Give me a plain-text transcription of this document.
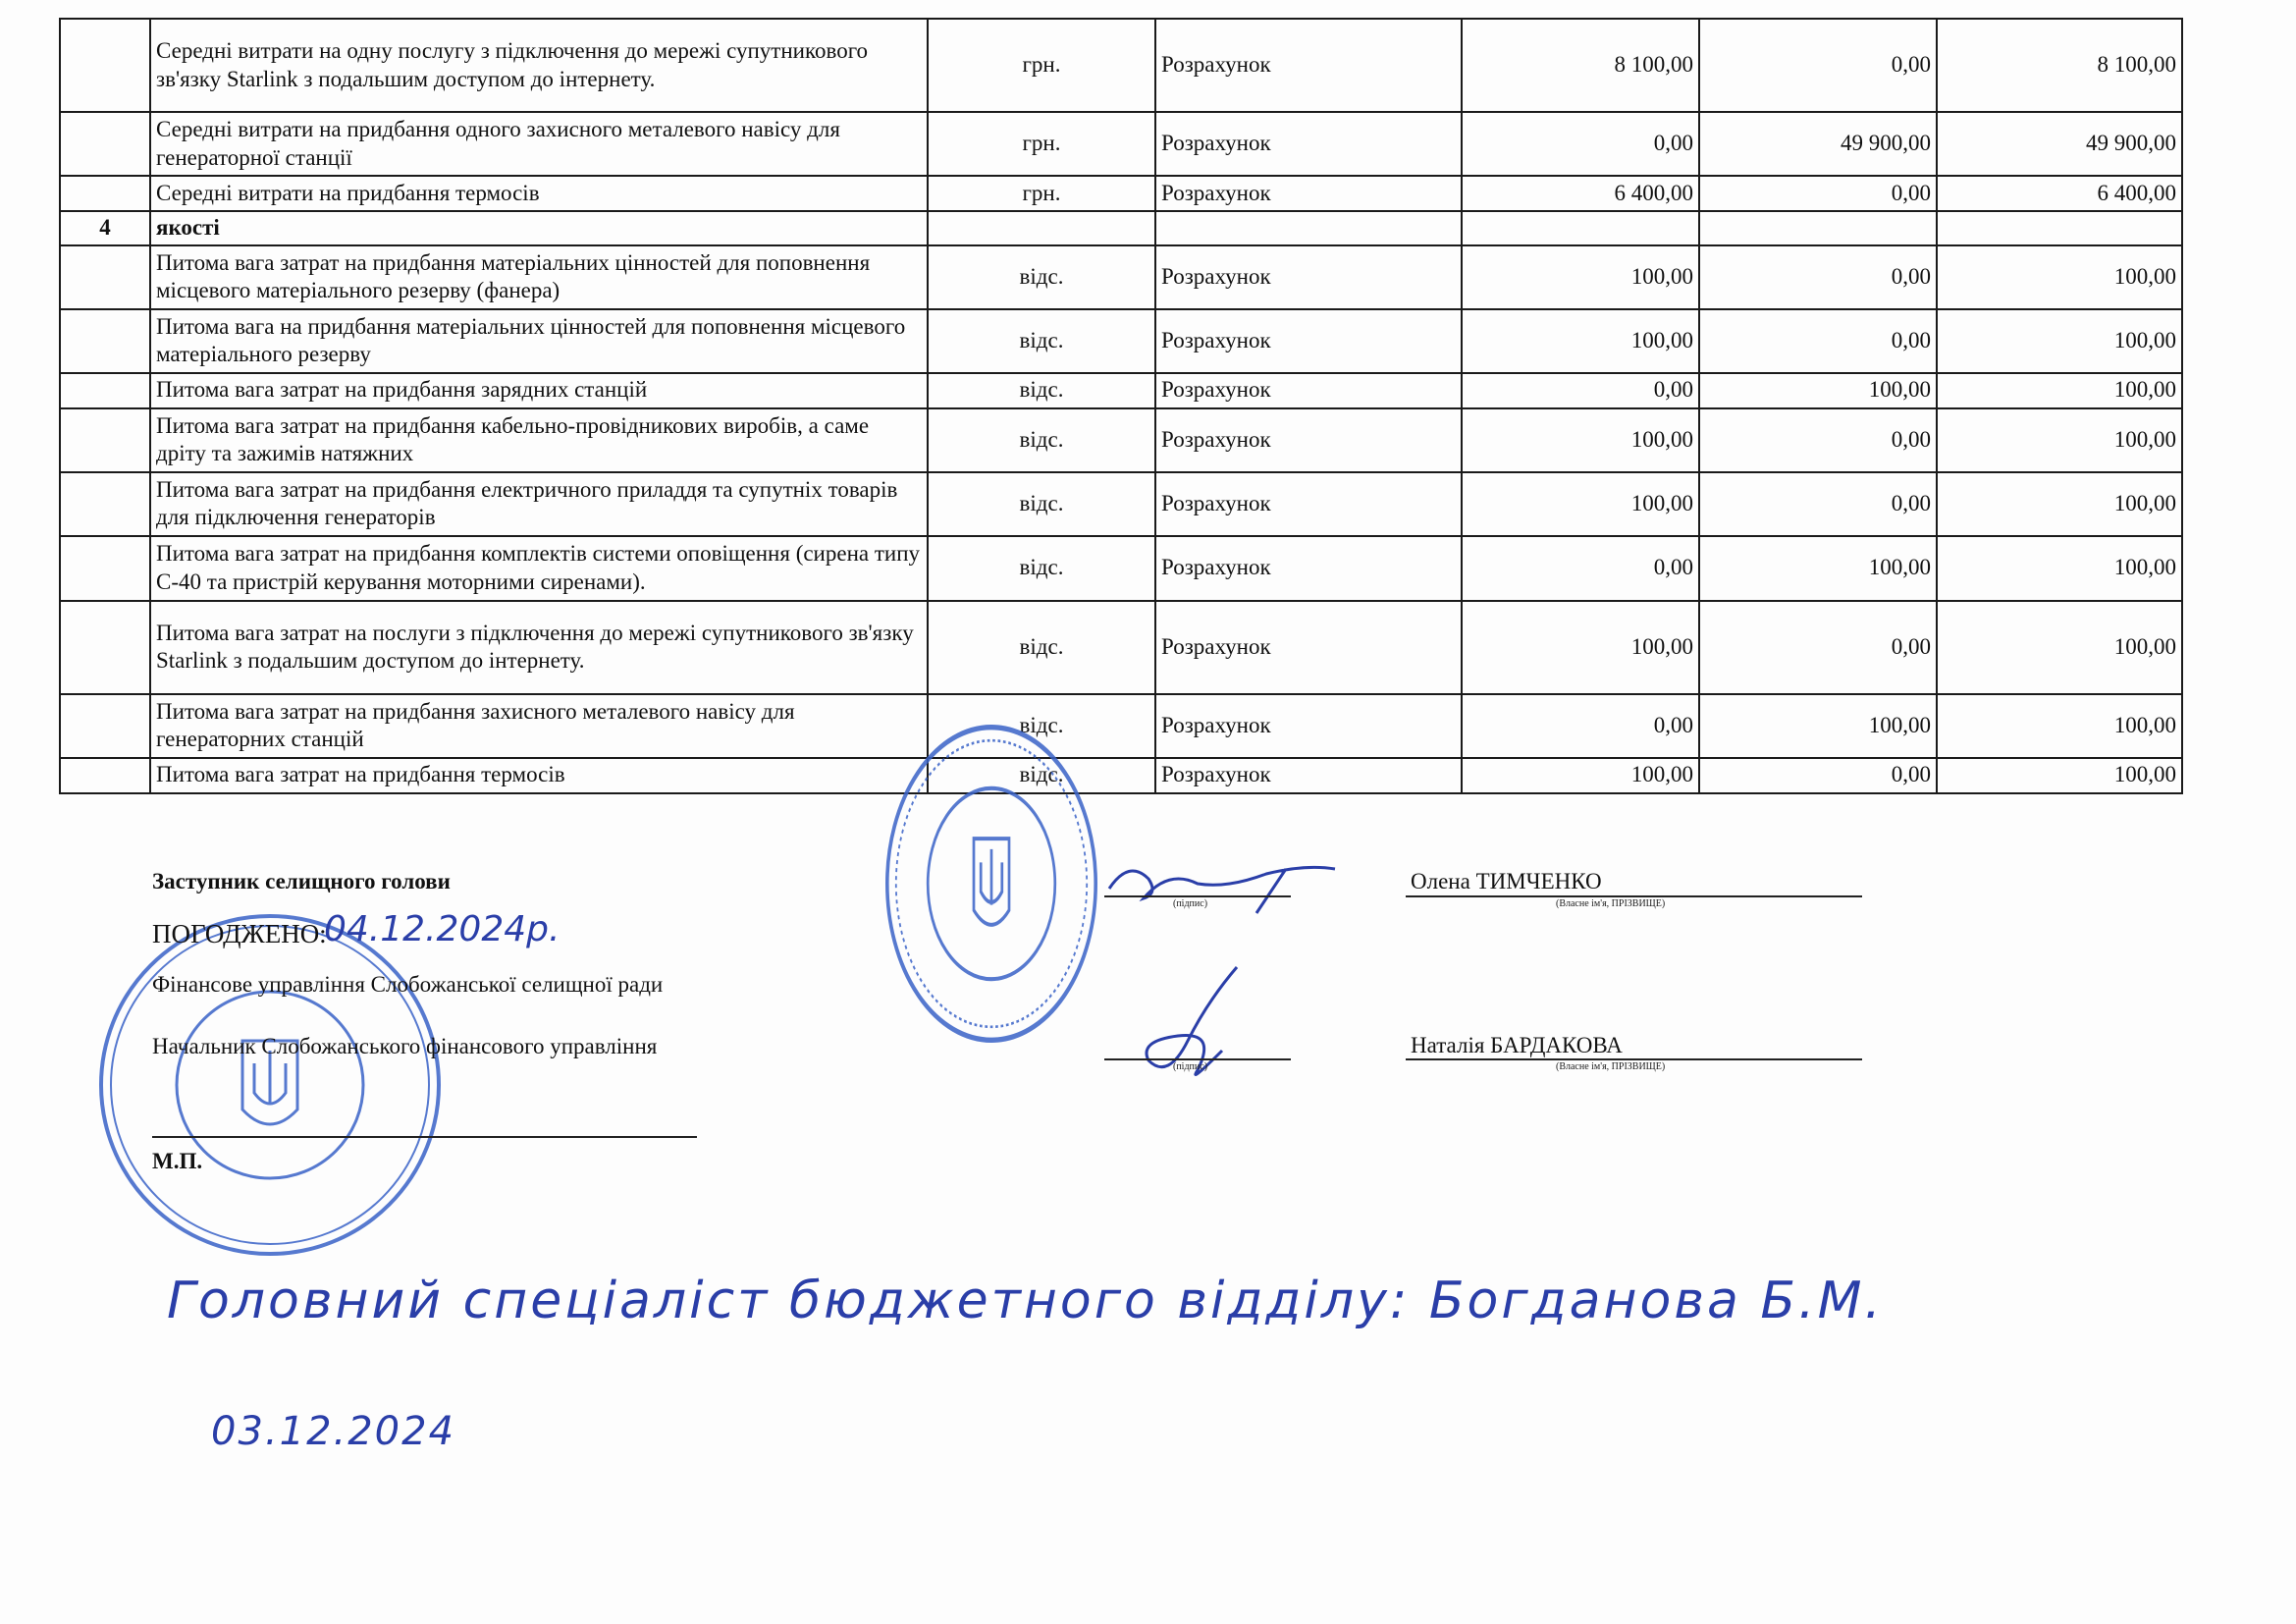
	Середні витрати на одну послугу з підключення до мережі супутникового зв'язку Starlink з подальшим доступом до інтернету.	грн.	Розрахунок	8 100,00	0,00	8 100,00
	Середні витрати на придбання одного захисного металевого навісу для генераторної станції	грн.	Розрахунок	0,00	49 900,00	49 900,00
	Середні витрати на придбання термосів	грн.	Розрахунок	6 400,00	0,00	6 400,00
4	якості					
	Питома вага затрат на придбання матеріальних цінностей для поповнення місцевого матеріального резерву (фанера)	відс.	Розрахунок	100,00	0,00	100,00
	Питома вага на придбання матеріальних цінностей для поповнення місцевого матеріального резерву	відс.	Розрахунок	100,00	0,00	100,00
	Питома вага затрат на придбання зарядних станцій	відс.	Розрахунок	0,00	100,00	100,00
	Питома вага затрат на придбання кабельно-провідникових виробів, а саме дріту та зажимів натяжних	відс.	Розрахунок	100,00	0,00	100,00
	Питома вага затрат на придбання електричного приладдя та супутніх товарів для підключення генераторів	відс.	Розрахунок	100,00	0,00	100,00
	Питома вага затрат на придбання комплектів системи оповіщення (сирена типу С-40 та пристрій керування моторними сиренами).	відс.	Розрахунок	0,00	100,00	100,00
	Питома вага затрат на послуги з підключення до мережі супутникового зв'язку Starlink з подальшим доступом до інтернету.	відс.	Розрахунок	100,00	0,00	100,00
	Питома вага затрат на придбання захисного металевого навісу для генераторних станцій	відс.	Розрахунок	0,00	100,00	100,00
	Питома вага затрат на придбання термосів	відс.	Розрахунок	100,00	0,00	100,00
Заступник селищного голови
ПОГОДЖЕНО:
04.12.2024р.
Фінансове управління Слобожанської селищної ради
Начальник Слобожанського фінансового управління
М.П.
(підпис)
Олена ТИМЧЕНКО
(Власне ім'я, ПРІЗВИЩЕ)
(підпис)
Наталія БАРДАКОВА
(Власне ім'я, ПРІЗВИЩЕ)
Головний спеціаліст бюджетного відділу: Богданова Б.М.
03.12.2024
